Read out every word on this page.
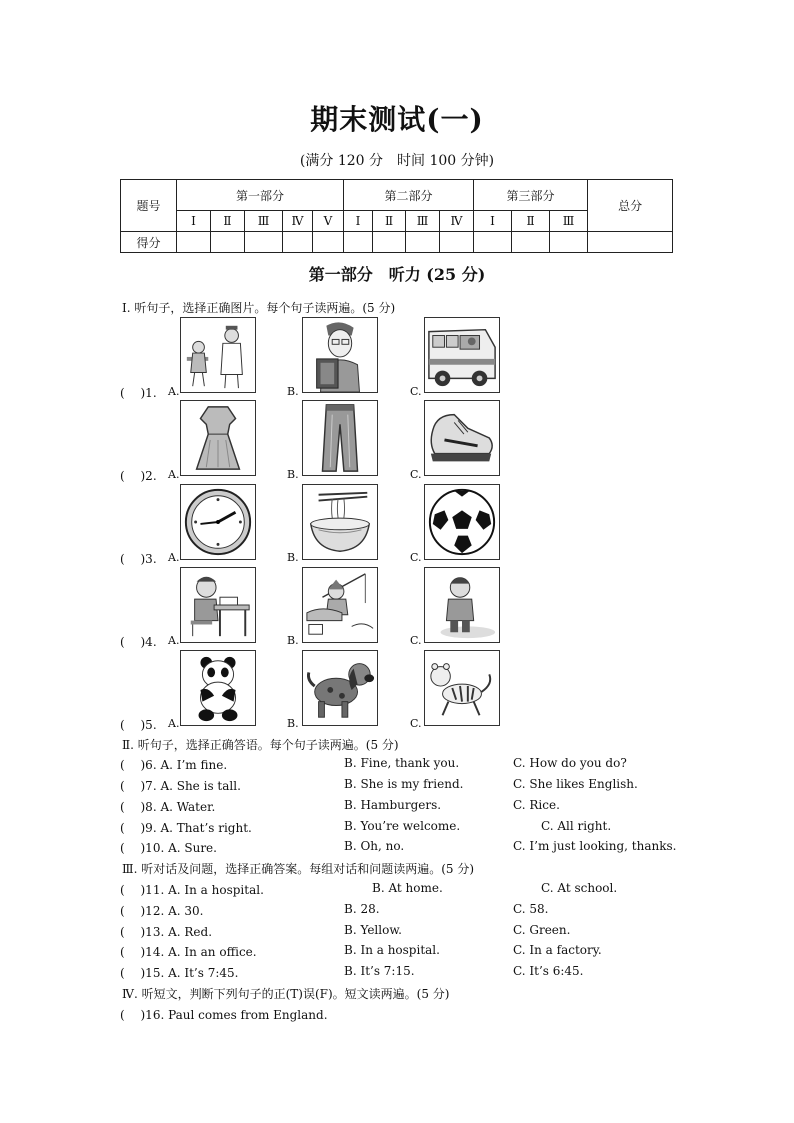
期末测试(一)
(满分 120 分　时间 100 分钟)
题号	第一部分					第二部分				第三部分			总分
	Ⅰ	Ⅱ	Ⅲ	Ⅳ	Ⅴ	Ⅰ	Ⅱ	Ⅲ	Ⅳ	Ⅰ	Ⅱ	Ⅲ	
得分													
第一部分　听力 (25 分)
Ⅰ. 听句子，选择正确图片。每个句子读两遍。(5 分)
(　 )1. A.	B.	C.
(　 )2. A.	B.	C.
(　 )3. A.	B.	C.
(　 )4. A.	B.	C.
(　 )5. A.	B.	C.
Ⅱ. 听句子，选择正确答语。每个句子读两遍。(5 分)
(　 )6. A. I’m fine.	B. Fine, thank you.	C. How do you do?
(　 )7. A. She is tall.	B. She is my friend.	C. She likes English.
(　 )8. A. Water.	B. Hamburgers.	C. Rice.
(　 )9. A. That’s right.	B. You’re welcome.	C. All right.
(　 )10. A. Sure.	B. Oh, no.	C. I’m just looking, thanks.
Ⅲ. 听对话及问题，选择正确答案。每组对话和问题读两遍。(5 分)
(　 )11. A. In a hospital.	B. At home.	C. At school.
(　 )12. A. 30.	B. 28.	C. 58.
(　 )13. A. Red.	B. Yellow.	C. Green.
(　 )14. A. In an office.	B. In a hospital.	C. In a factory.
(　 )15. A. It’s 7:45.	B. It’s 7:15.	C. It’s 6:45.
Ⅳ. 听短文，判断下列句子的正(T)误(F)。短文读两遍。(5 分)
(　 )16. Paul comes from England.
